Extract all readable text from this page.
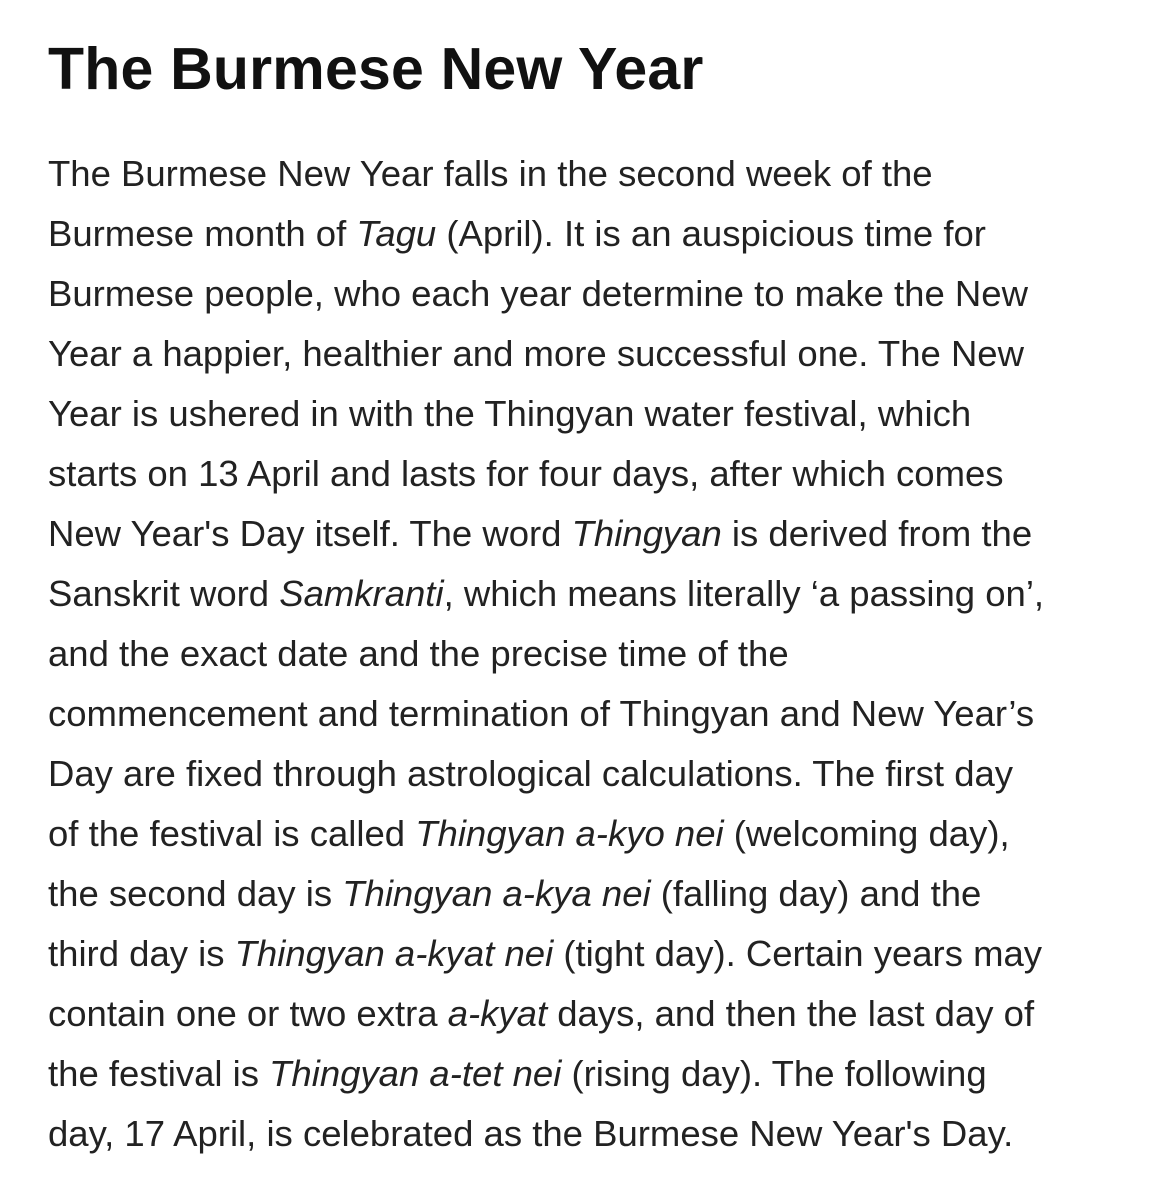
The Burmese New Year

The Burmese New Year falls in the second week of the
Burmese month of Tagu (April). It is an auspicious time for
Burmese people, who each year determine to make the New
Year a happier, healthier and more successful one. The New
Year is ushered in with the Thingyan water festival, which
starts on 13 April and lasts for four days, after which comes
New Year's Day itself. The word Thingyan is derived from the
Sanskrit word Samkranti, which means literally ‘a passing on’,
and the exact date and the precise time of the
commencement and termination of Thingyan and New Year’s
Day are fixed through astrological calculations. The first day
of the festival is called Thingyan a-kyo nei (welcoming day),
the second day is Thingyan a-kya nei (falling day) and the
third day is Thingyan a-kyat nei (tight day). Certain years may
contain one or two extra a-kyat days, and then the last day of
the festival is Thingyan a-tet nei (rising day). The following
day, 17 April, is celebrated as the Burmese New Year's Day.
